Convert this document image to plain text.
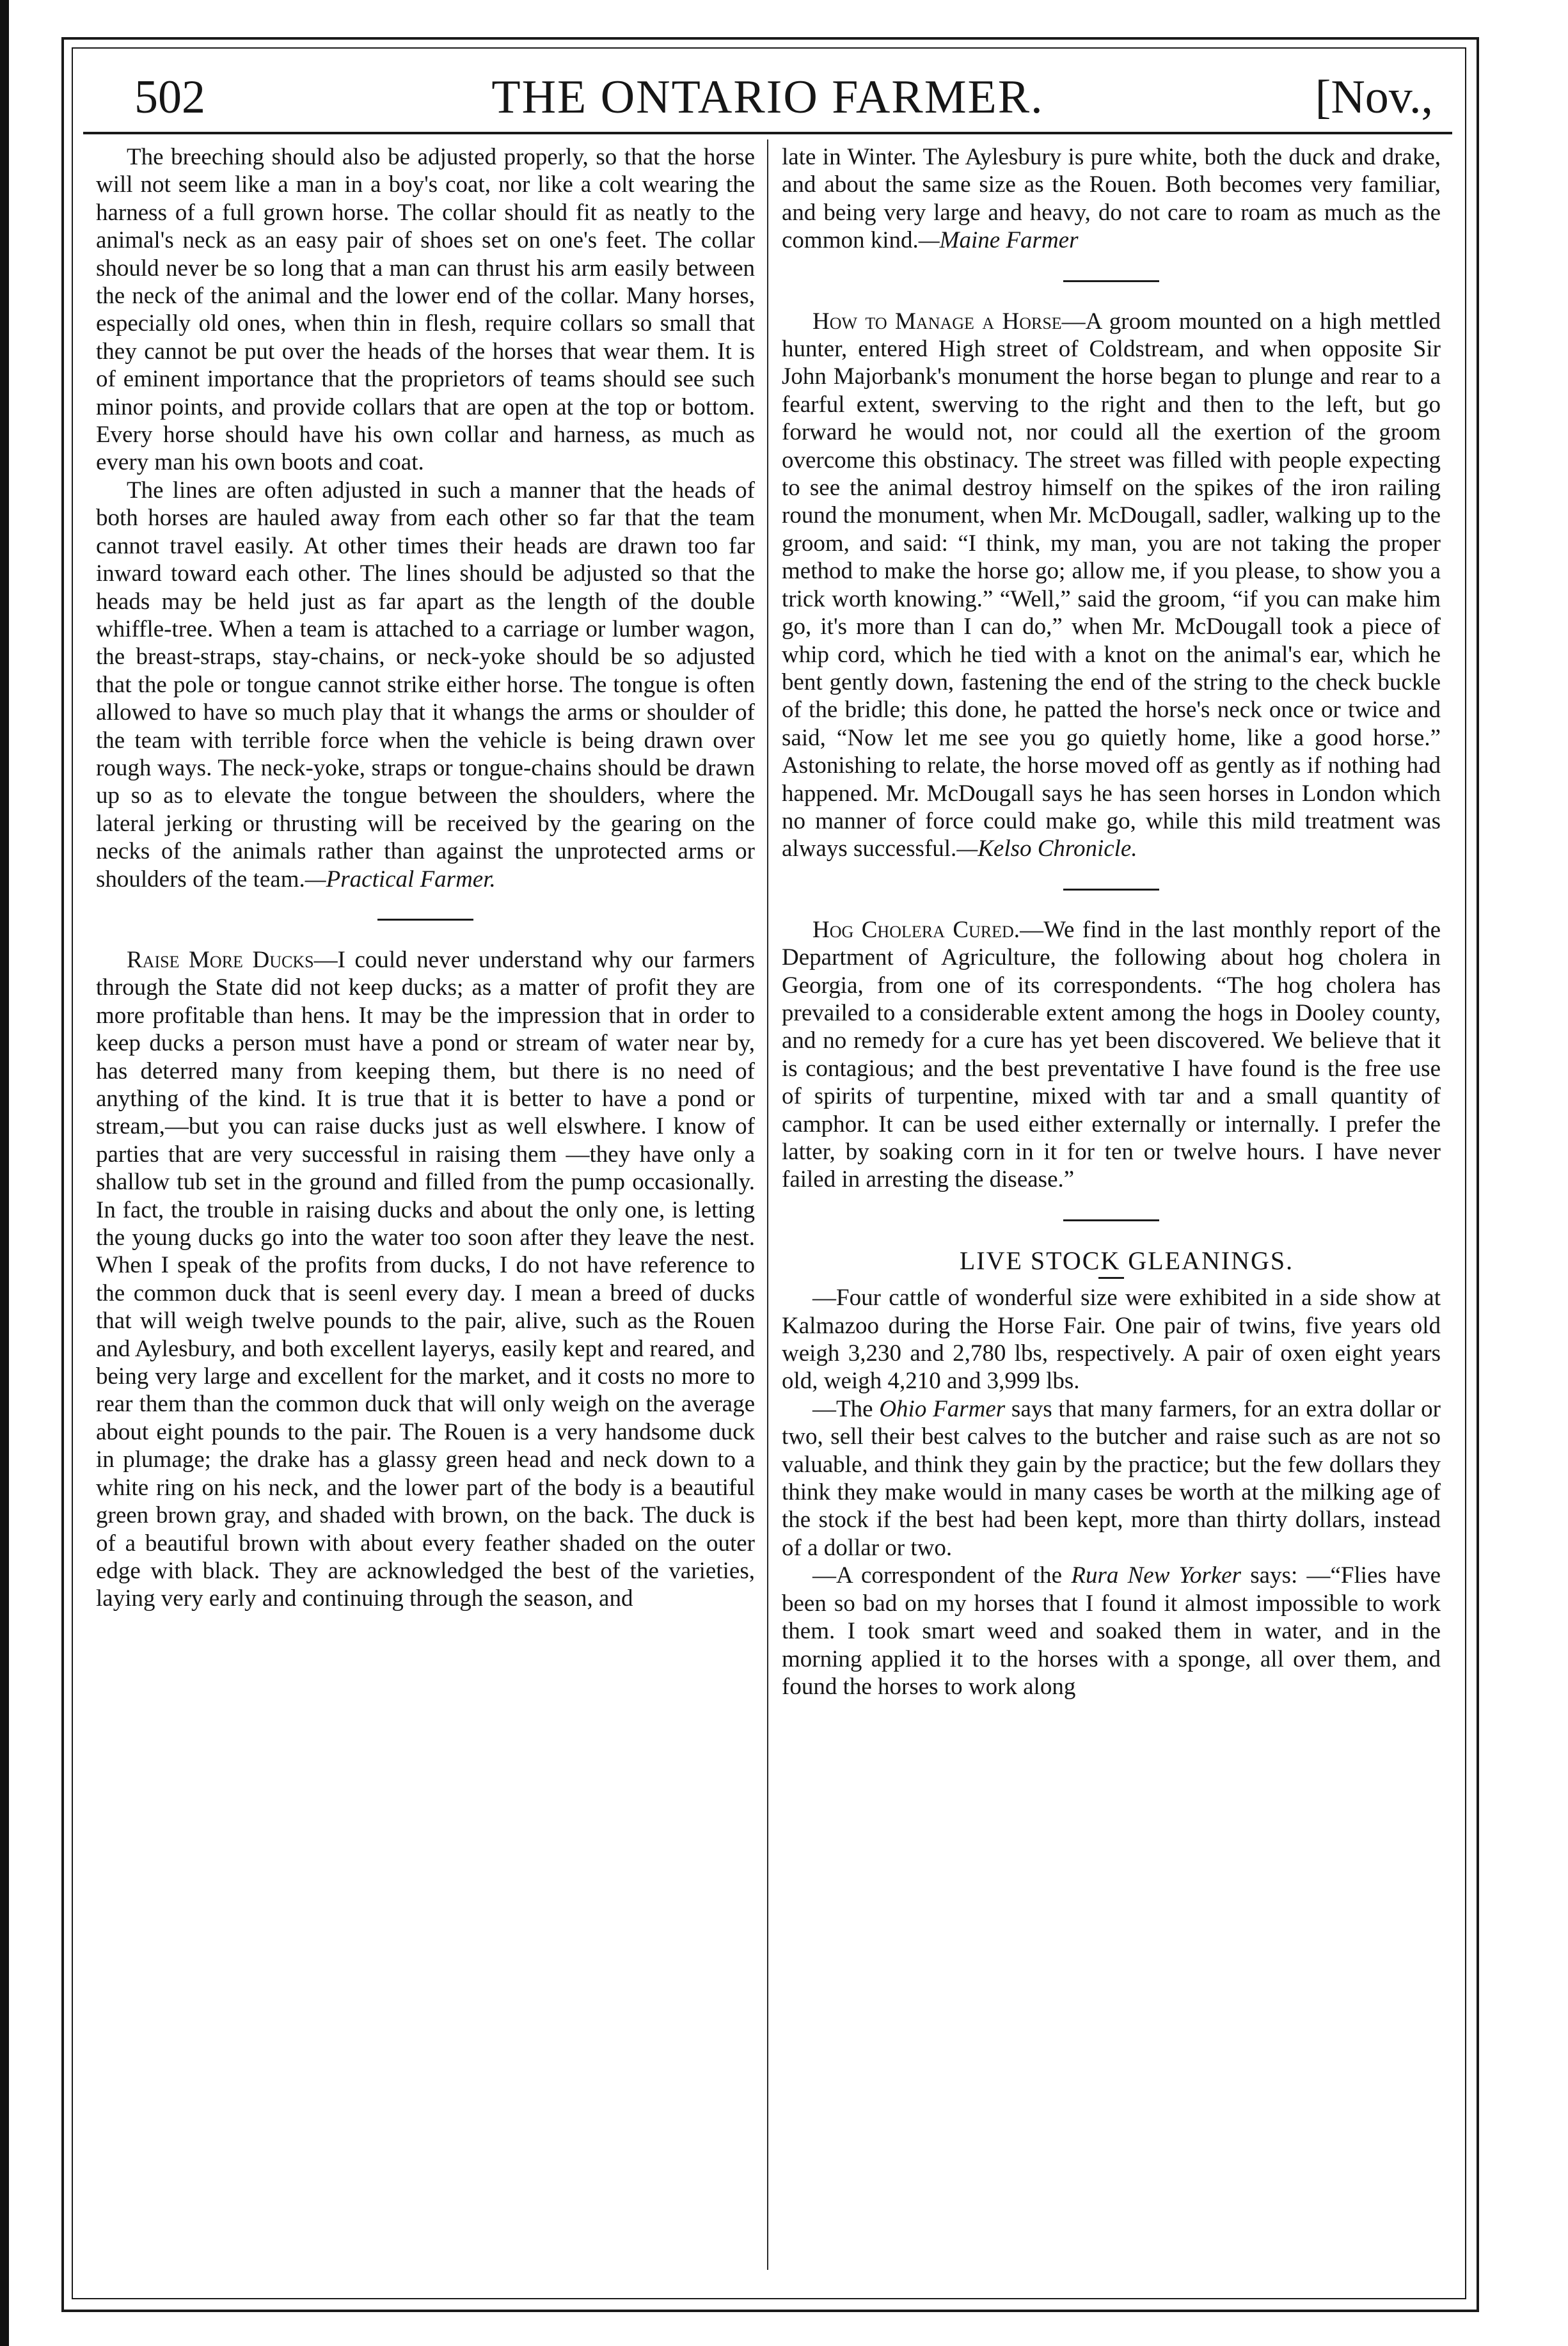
THE ONTARIO FARMER.
502	[Nov.,

The breeching should also be adjusted properly, so that the horse will not seem like a man in a boy's coat, nor like a colt wearing the harness of a full grown horse. The collar should fit as neatly to the animal's neck as an easy pair of shoes set on one's feet. The collar should never be so long that a man can thrust his arm easily between the neck of the animal and the lower end of the collar. Many horses, especially old ones, when thin in flesh, require collars so small that they cannot be put over the heads of the horses that wear them. It is of eminent importance that the proprietors of teams should see such minor points, and provide collars that are open at the top or bottom. Every horse should have his own collar and harness, as much as every man his own boots and coat.

The lines are often adjusted in such a manner that the heads of both horses are hauled away from each other so far that the team cannot travel easily. At other times their heads are drawn too far inward toward each other. The lines should be adjusted so that the heads may be held just as far apart as the length of the double whiffle-tree. When a team is attached to a carriage or lumber wagon, the breast-straps, stay-chains, or neck-yoke should be so adjusted that the pole or tongue cannot strike either horse. The tongue is often allowed to have so much play that it whangs the arms or shoulder of the team with terrible force when the vehicle is being drawn over rough ways. The neck-yoke, straps or tongue-chains should be drawn up so as to elevate the tongue between the shoulders, where the lateral jerking or thrusting will be received by the gearing on the necks of the animals rather than against the unprotected arms or shoulders of the team.—Practical Farmer.

Raise More Ducks—I could never understand why our farmers through the State did not keep ducks; as a matter of profit they are more profitable than hens. It may be the impression that in order to keep ducks a person must have a pond or stream of water near by, has deterred many from keeping them, but there is no need of anything of the kind. It is true that it is better to have a pond or stream,—but you can raise ducks just as well elswhere. I know of parties that are very successful in raising them —they have only a shallow tub set in the ground and filled from the pump occasionally. In fact, the trouble in raising ducks and about the only one, is letting the young ducks go into the water too soon after they leave the nest. When I speak of the profits from ducks, I do not have reference to the common duck that is seenl every day. I mean a breed of ducks that will weigh twelve pounds to the pair, alive, such as the Rouen and Aylesbury, and both excellent layerys, easily kept and reared, and being very large and excellent for the market, and it costs no more to rear them than the common duck that will only weigh on the average about eight pounds to the pair. The Rouen is a very handsome duck in plumage; the drake has a glassy green head and neck down to a white ring on his neck, and the lower part of the body is a beautiful green brown gray, and shaded with brown, on the back. The duck is of a beautiful brown with about every feather shaded on the outer edge with black. They are acknowledged the best of the varieties, laying very early and continuing through the season, and

late in Winter. The Aylesbury is pure white, both the duck and drake, and about the same size as the Rouen. Both becomes very familiar, and being very large and heavy, do not care to roam as much as the common kind.—Maine Farmer

How to Manage a Horse—A groom mounted on a high mettled hunter, entered High street of Coldstream, and when opposite Sir John Majorbank's monument the horse began to plunge and rear to a fearful extent, swerving to the right and then to the left, but go forward he would not, nor could all the exertion of the groom overcome this obstinacy. The street was filled with people expecting to see the animal destroy himself on the spikes of the iron railing round the monument, when Mr. McDougall, sadler, walking up to the groom, and said: “I think, my man, you are not taking the proper method to make the horse go; allow me, if you please, to show you a trick worth knowing.” “Well,” said the groom, “if you can make him go, it's more than I can do,” when Mr. McDougall took a piece of whip cord, which he tied with a knot on the animal's ear, which he bent gently down, fastening the end of the string to the check buckle of the bridle; this done, he patted the horse's neck once or twice and said, “Now let me see you go quietly home, like a good horse.” Astonishing to relate, the horse moved off as gently as if nothing had happened. Mr. McDougall says he has seen horses in London which no manner of force could make go, while this mild treatment was always successful.—Kelso Chronicle.

Hog Cholera Cured.—We find in the last monthly report of the Department of Agriculture, the following about hog cholera in Georgia, from one of its correspondents. “The hog cholera has prevailed to a considerable extent among the hogs in Dooley county, and no remedy for a cure has yet been discovered. We believe that it is contagious; and the best preventative I have found is the free use of spirits of turpentine, mixed with tar and a small quantity of camphor. It can be used either externally or internally. I prefer the latter, by soaking corn in it for ten or twelve hours. I have never failed in arresting the disease.”

LIVE STOCK GLEANINGS.

—Four cattle of wonderful size were exhibited in a side show at Kalmazoo during the Horse Fair. One pair of twins, five years old weigh 3,230 and 2,780 lbs, respectively. A pair of oxen eight years old, weigh 4,210 and 3,999 lbs.

—The Ohio Farmer says that many farmers, for an extra dollar or two, sell their best calves to the butcher and raise such as are not so valuable, and think they gain by the practice; but the few dollars they think they make would in many cases be worth at the milking age of the stock if the best had been kept, more than thirty dollars, instead of a dollar or two.

—A correspondent of the Rura New Yorker says: —“Flies have been so bad on my horses that I found it almost impossible to work them. I took smart weed and soaked them in water, and in the morning applied it to the horses with a sponge, all over them, and found the horses to work along
